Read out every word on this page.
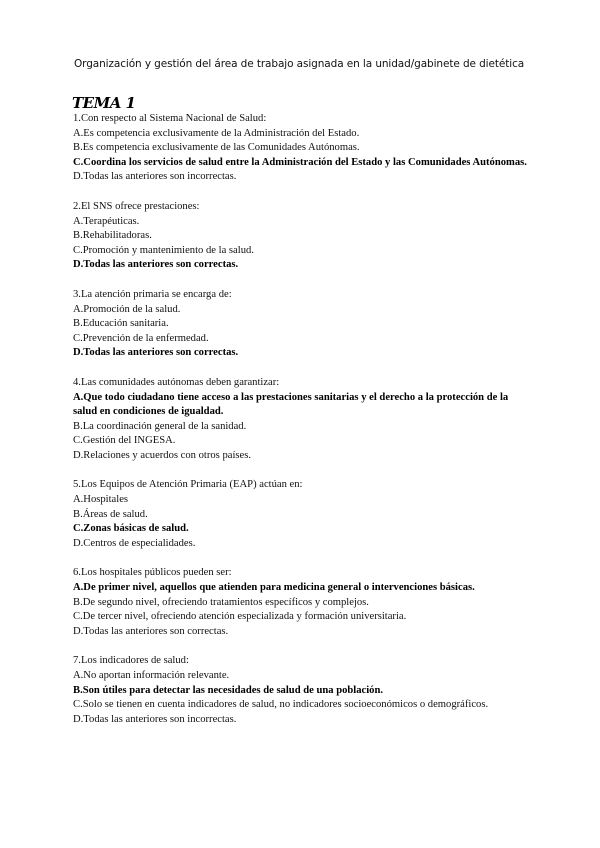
Organización y gestión del área de trabajo asignada en la unidad/gabinete de dietética
TEMA 1
1.Con respecto al Sistema Nacional de Salud:
A.Es competencia exclusivamente de la Administración del Estado.
B.Es competencia exclusivamente de las Comunidades Autónomas.
C.Coordina los servicios de salud entre la Administración del Estado y las Comunidades Autónomas.
D.Todas las anteriores son incorrectas.
2.El SNS ofrece prestaciones:
A.Terapéuticas.
B.Rehabilitadoras.
C.Promoción y mantenimiento de la salud.
D.Todas las anteriores son correctas.
3.La atención primaria se encarga de:
A.Promoción de la salud.
B.Educación sanitaria.
C.Prevención de la enfermedad.
D.Todas las anteriores son correctas.
4.Las comunidades autónomas deben garantizar:
A.Que todo ciudadano tiene acceso a las prestaciones sanitarias y el derecho a la protección de la salud en condiciones de igualdad.
B.La coordinación general de la sanidad.
C.Gestión del INGESA.
D.Relaciones y acuerdos con otros países.
5.Los Equipos de Atención Primaria (EAP) actúan en:
A.Hospitales
B.Áreas de salud.
C.Zonas básicas de salud.
D.Centros de especialidades.
6.Los hospitales públicos pueden ser:
A.De primer nivel, aquellos que atienden para medicina general o intervenciones básicas.
B.De segundo nivel, ofreciendo tratamientos específicos y complejos.
C.De tercer nivel, ofreciendo atención especializada y formación universitaria.
D.Todas las anteriores son correctas.
7.Los indicadores de salud:
A.No aportan información relevante.
B.Son útiles para detectar las necesidades de salud de una población.
C.Solo se tienen en cuenta indicadores de salud, no indicadores socioeconómicos o demográficos.
D.Todas las anteriores son incorrectas.
